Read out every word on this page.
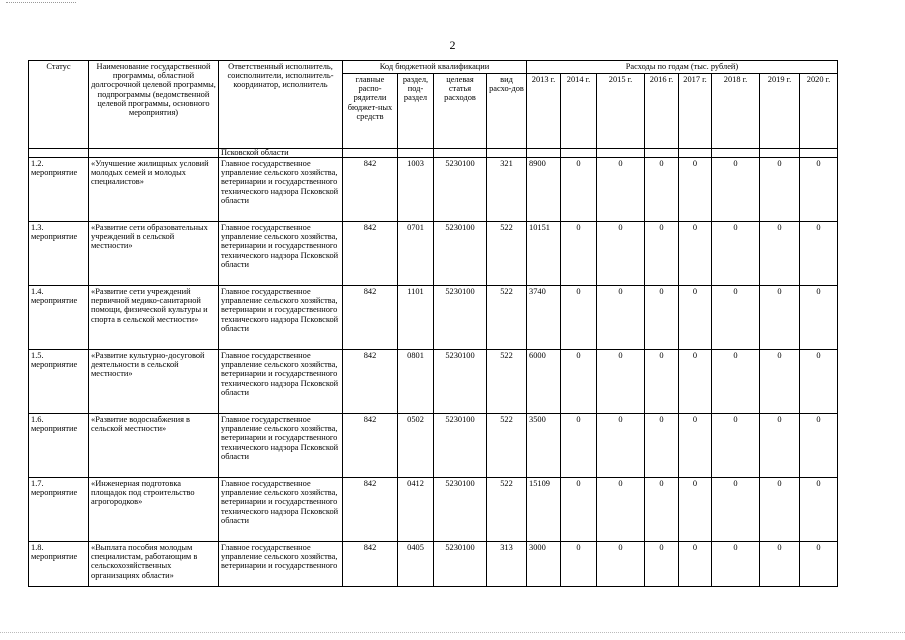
2
Статус	Наименование государственной программы, областной долгосрочной целевой программы, подпрограммы (ведомственной целевой программы, основного мероприятия)	Ответственный исполнитель, соисполнители, исполнитель-координатор, исполнитель	Код бюджетной квалификации				Расходы по годам (тыс. рублей)							
			главные распо-рядители бюджет-ных средств	раздел, под-раздел	целевая статья расходов	вид расхо-дов	2013 г.	2014 г.	2015 г.	2016 г.	2017 г.	2018 г.	2019 г.	2020 г.
		Псковской области												

1.2.
мероприятие	«Улучшение жилищных условий молодых семей и молодых специалистов»	Главное государственное управление сельского хозяйства, ветеринарии и государственного технического надзора Псковской области	842	1003	5230100	321	8900	0	0	0	0	0	0	0

1.3.
мероприятие	«Развитие сети образовательных учреждений в сельской местности»	Главное государственное управление сельского хозяйства, ветеринарии и государственного технического надзора Псковской области	842	0701	5230100	522	10151	0	0	0	0	0	0	0

1.4.
мероприятие	«Развитие сети учреждений первичной медико-санитарной помощи, физической культуры и спорта в сельской местности»	Главное государственное управление сельского хозяйства, ветеринарии и государственного технического надзора Псковской области	842	1101	5230100	522	3740	0	0	0	0	0	0	0

1.5.
мероприятие	«Развитие культурно-досуговой деятельности в сельской местности»	Главное государственное управление сельского хозяйства, ветеринарии и государственного технического надзора Псковской области	842	0801	5230100	522	6000	0	0	0	0	0	0	0

1.6.
мероприятие	«Развитие водоснабжения в сельской местности»	Главное государственное управление сельского хозяйства, ветеринарии и государственного технического надзора Псковской области	842	0502	5230100	522	3500	0	0	0	0	0	0	0

1.7.
мероприятие	«Инженерная подготовка площадок под строительство агрогородков»	Главное государственное управление сельского хозяйства, ветеринарии и государственного технического надзора Псковской области	842	0412	5230100	522	15109	0	0	0	0	0	0	0

1.8.
мероприятие	«Выплата пособия молодым специалистам, работающим в сельскохозяйственных организациях области»	Главное государственное управление сельского хозяйства, ветеринарии и государственного	842	0405	5230100	313	3000	0	0	0	0	0	0	0
